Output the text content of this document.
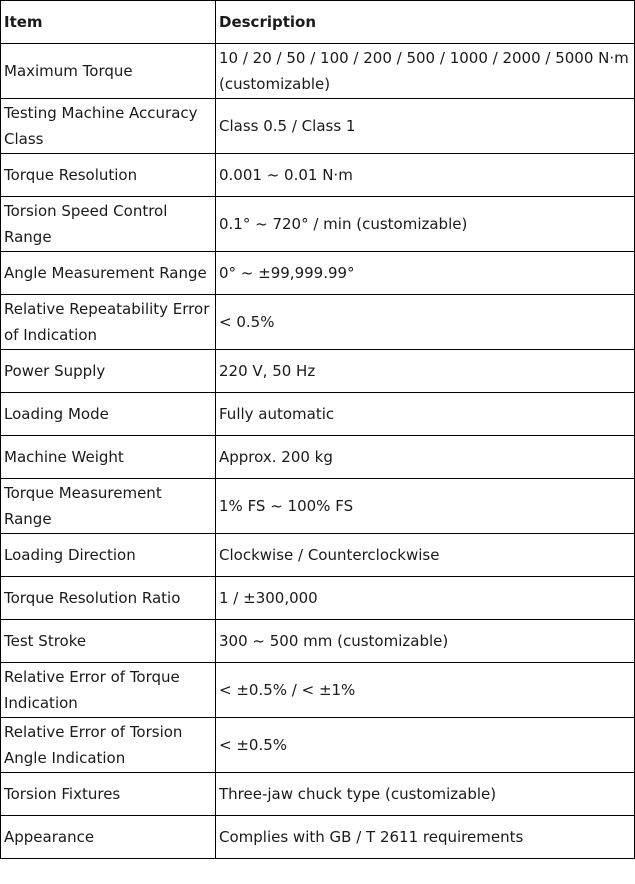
Item	Description
Maximum Torque	10 / 20 / 50 / 100 / 200 / 500 / 1000 / 2000 / 5000 N·m (customizable)
Testing Machine Accuracy Class	Class 0.5 / Class 1
Torque Resolution	0.001 ~ 0.01 N·m
Torsion Speed Control Range	0.1° ~ 720° / min (customizable)
Angle Measurement Range	0° ~ ±99,999.99°
Relative Repeatability Error of Indication	< 0.5%
Power Supply	220 V, 50 Hz
Loading Mode	Fully automatic
Machine Weight	Approx. 200 kg
Torque Measurement Range	1% FS ~ 100% FS
Loading Direction	Clockwise / Counterclockwise
Torque Resolution Ratio	1 / ±300,000
Test Stroke	300 ~ 500 mm (customizable)
Relative Error of Torque Indication	< ±0.5% / < ±1%
Relative Error of Torsion Angle Indication	< ±0.5%
Torsion Fixtures	Three-jaw chuck type (customizable)
Appearance	Complies with GB / T 2611 requirements
